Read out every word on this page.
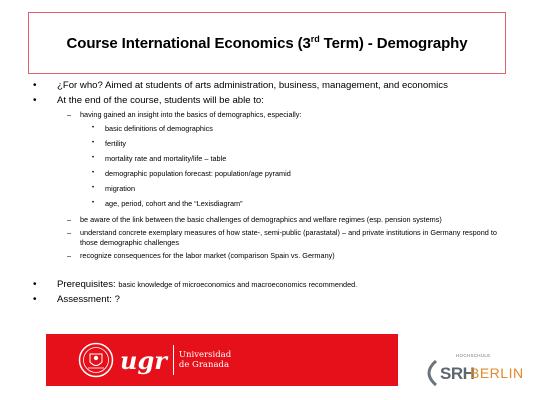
Course International Economics (3rd Term) - Demography
• ¿For who? Aimed at students of arts administration, business, management, and economics
• At the end of the course, students will be able to:
– having gained an insight into the basics of demographics, especially:
• basic definitions of demographics
• fertility
• mortality rate and mortality/life – table
• demographic population forecast: population/age pyramid
• migration
• age, period, cohort and the “Lexisdiagram”
– be aware of the link between the basic challenges of demographics and welfare regimes (esp. pension systems)
– understand concrete exemplary measures of how state-, semi-public (parastatal) – and private institutions in Germany respond to those demographic challenges
– recognize consequences for the labor market (comparison Spain vs. Germany)
• Prerequisites: basic knowledge of microeconomics and macroeconomics recommended.
• Assessment: ?
ugr Universidad
de Granada
HOCHSCHULE
SRH
BERLIN
